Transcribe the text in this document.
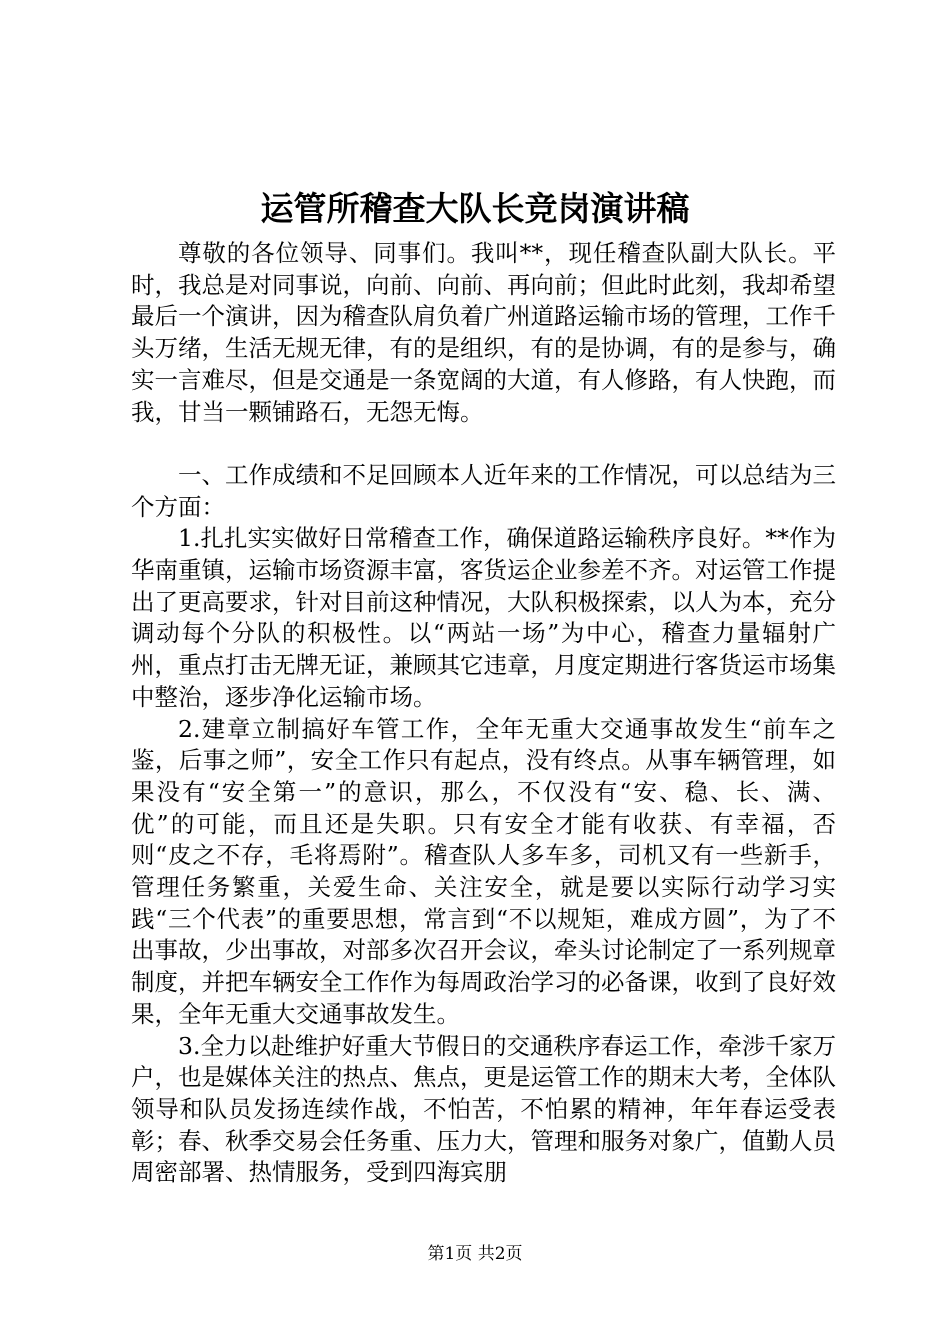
运管所稽查大队长竞岗演讲稿

尊敬的各位领导、同事们。我叫**，现任稽查队副大队长。平时，我总是对同事说，向前、向前、再向前；但此时此刻，我却希望最后一个演讲，因为稽查队肩负着广州道路运输市场的管理，工作千头万绪，生活无规无律，有的是组织，有的是协调，有的是参与，确实一言难尽，但是交通是一条宽阔的大道，有人修路，有人快跑，而我，甘当一颗铺路石，无怨无悔。

一、工作成绩和不足回顾本人近年来的工作情况，可以总结为三个方面：

1.扎扎实实做好日常稽查工作，确保道路运输秩序良好。**作为华南重镇，运输市场资源丰富，客货运企业参差不齐。对运管工作提出了更高要求，针对目前这种情况，大队积极探索，以人为本，充分调动每个分队的积极性。以“两站一场”为中心，稽查力量辐射广州，重点打击无牌无证，兼顾其它违章，月度定期进行客货运市场集中整治，逐步净化运输市场。

2.建章立制搞好车管工作，全年无重大交通事故发生“前车之鉴，后事之师”，安全工作只有起点，没有终点。从事车辆管理，如果没有“安全第一”的意识，那么，不仅没有“安、稳、长、满、优”的可能，而且还是失职。只有安全才能有收获、有幸福，否则“皮之不存，毛将焉附”。稽查队人多车多，司机又有一些新手，管理任务繁重，关爱生命、关注安全，就是要以实际行动学习实践“三个代表”的重要思想，常言到“不以规矩，难成方圆”，为了不出事故，少出事故，对部多次召开会议，牵头讨论制定了一系列规章制度，并把车辆安全工作作为每周政治学习的必备课，收到了良好效果，全年无重大交通事故发生。

3.全力以赴维护好重大节假日的交通秩序春运工作，牵涉千家万户，也是媒体关注的热点、焦点，更是运管工作的期末大考，全体队领导和队员发扬连续作战，不怕苦，不怕累的精神，年年春运受表彰；春、秋季交易会任务重、压力大，管理和服务对象广，值勤人员周密部署、热情服务，受到四海宾朋

第1页 共2页
